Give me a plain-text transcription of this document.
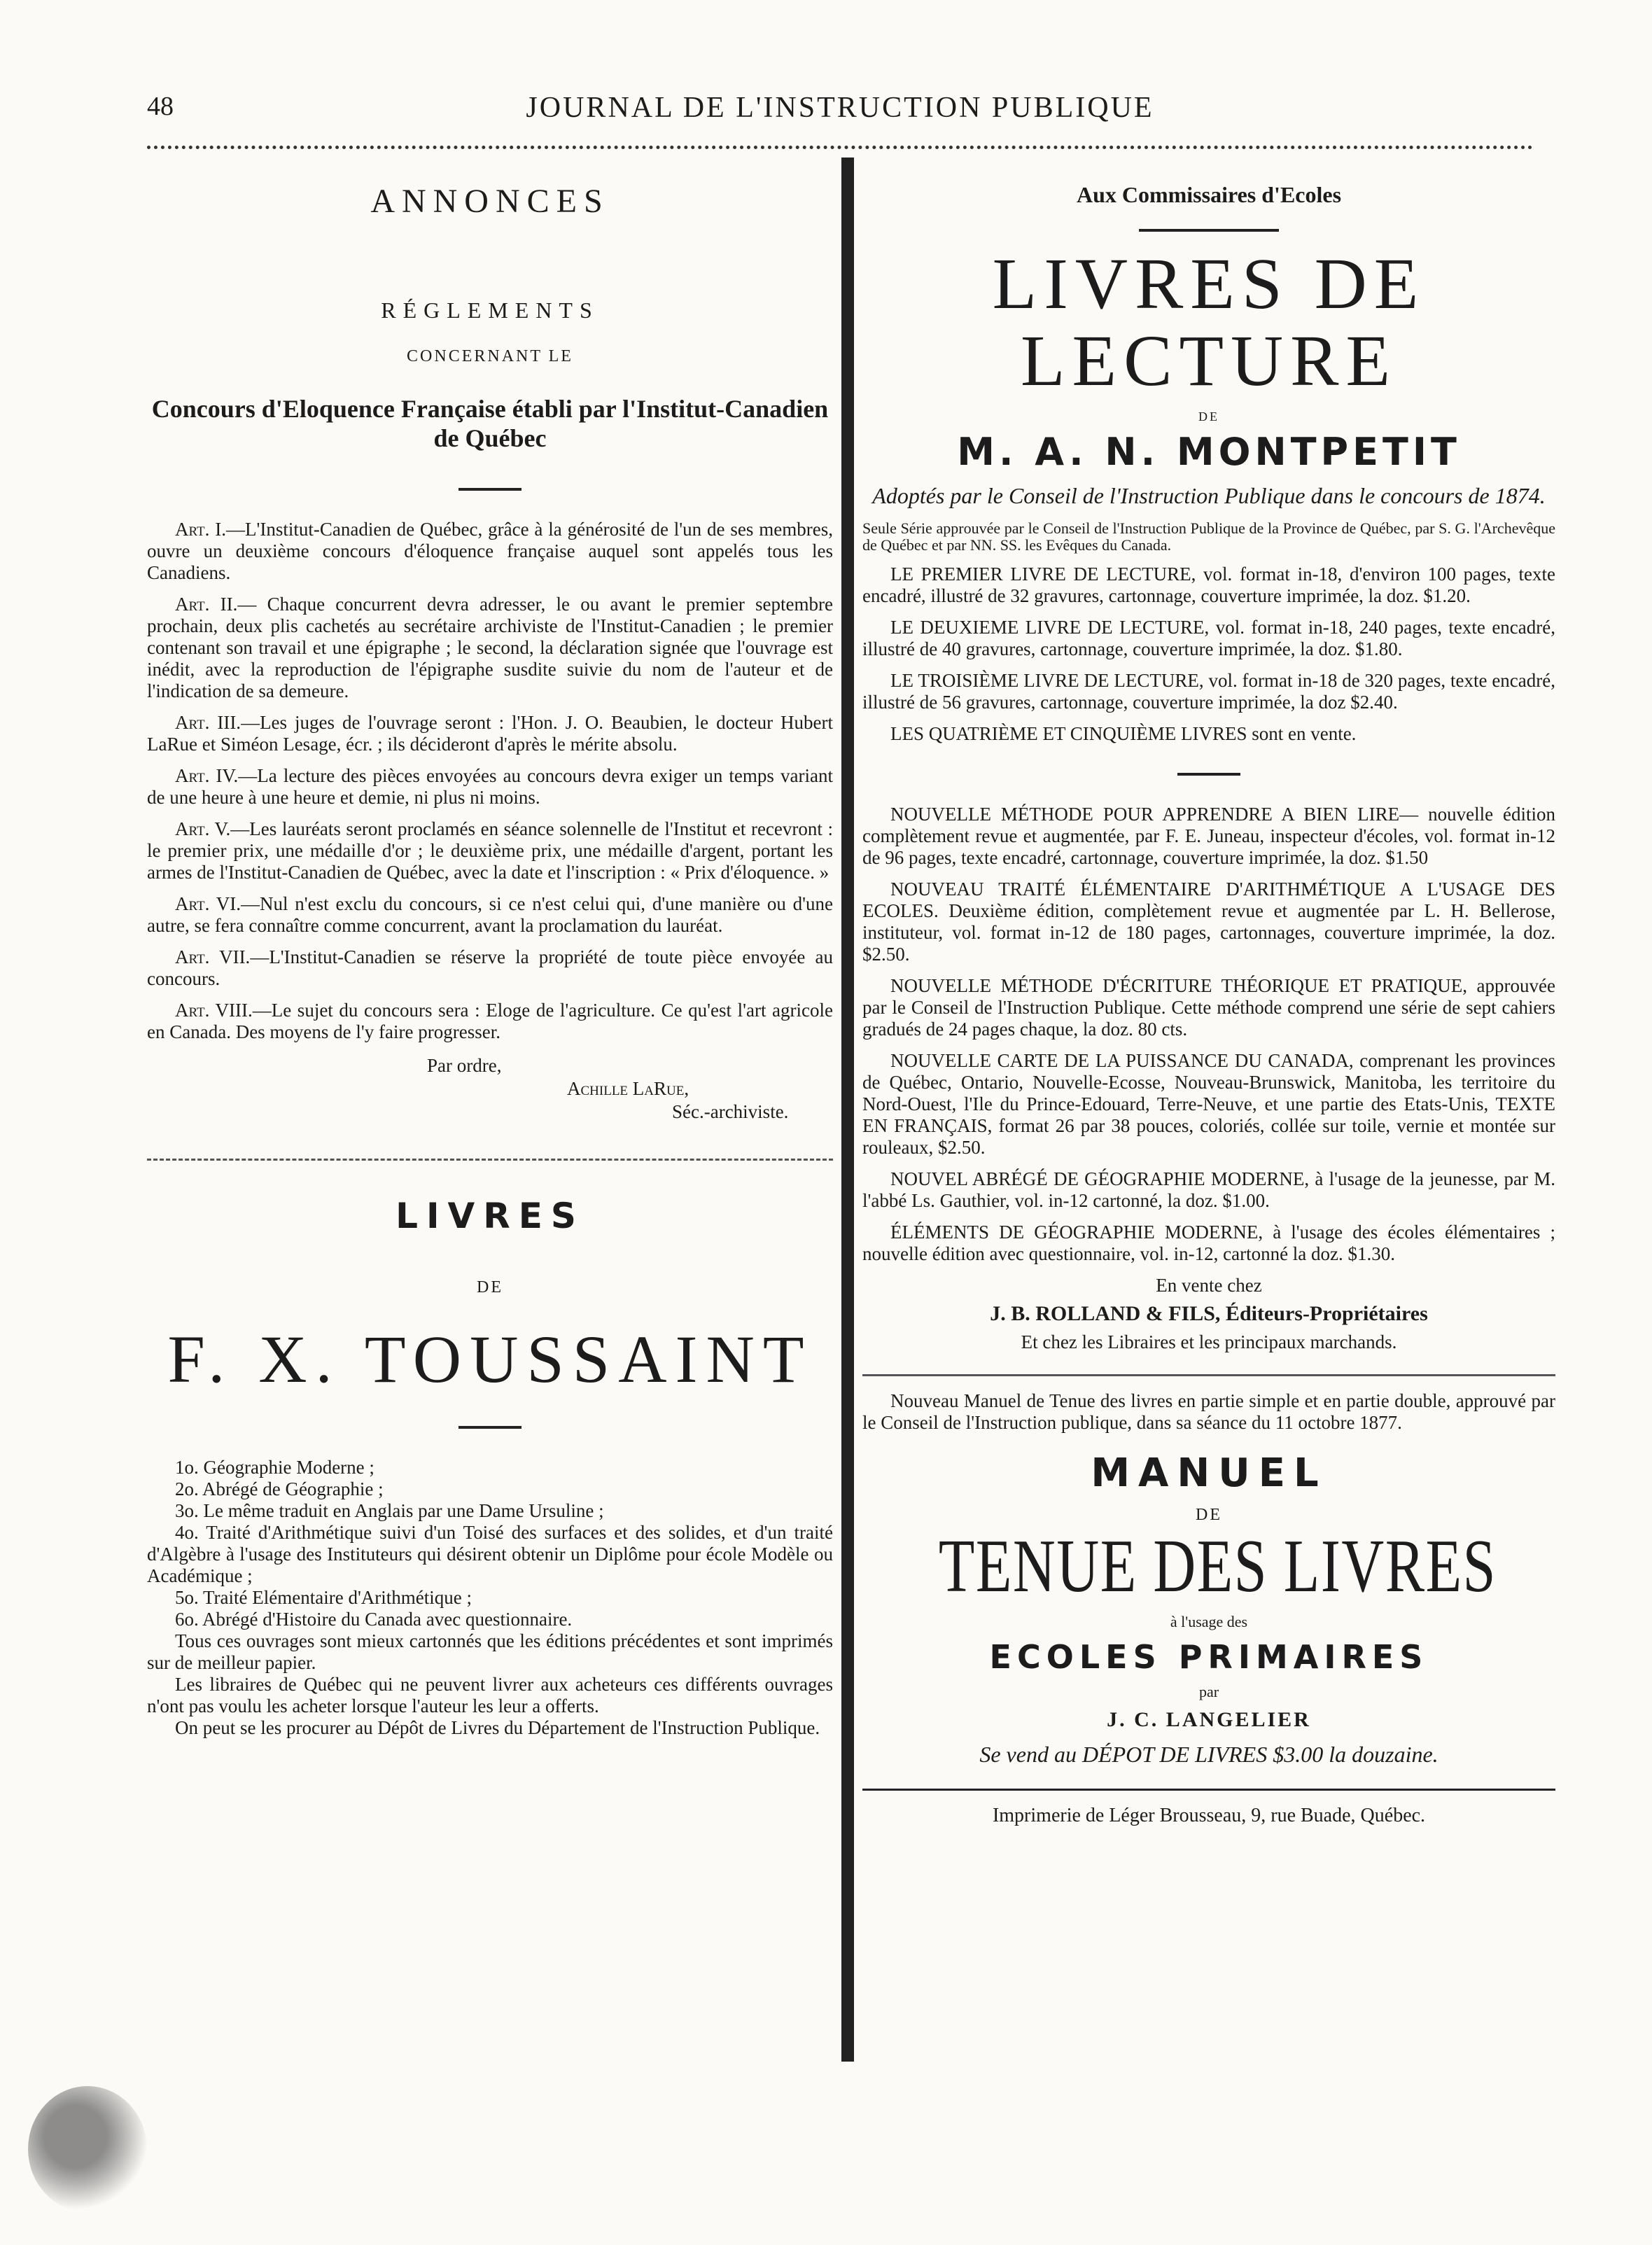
48	JOURNAL DE L'INSTRUCTION PUBLIQUE
ANNONCES
RÉGLEMENTS
CONCERNANT LE
Concours d'Eloquence Française établi par l'Institut-Canadien de Québec

Art. I.—L'Institut-Canadien de Québec, grâce à la générosité de l'un de ses membres, ouvre un deuxième concours d'éloquence française auquel sont appelés tous les Canadiens.

Art. II.— Chaque concurrent devra adresser, le ou avant le premier septembre prochain, deux plis cachetés au secrétaire archiviste de l'Institut-Canadien ; le premier contenant son travail et une épigraphe ; le second, la déclaration signée que l'ouvrage est inédit, avec la reproduction de l'épigraphe susdite suivie du nom de l'auteur et de l'indication de sa demeure.

Art. III.—Les juges de l'ouvrage seront : l'Hon. J. O. Beaubien, le docteur Hubert LaRue et Siméon Lesage, écr. ; ils décideront d'après le mérite absolu.

Art. IV.—La lecture des pièces envoyées au concours devra exiger un temps variant de une heure à une heure et demie, ni plus ni moins.

Art. V.—Les lauréats seront proclamés en séance solennelle de l'Institut et recevront : le premier prix, une médaille d'or ; le deuxième prix, une médaille d'argent, portant les armes de l'Institut-Canadien de Québec, avec la date et l'inscription : « Prix d'éloquence. »

Art. VI.—Nul n'est exclu du concours, si ce n'est celui qui, d'une manière ou d'une autre, se fera connaître comme concurrent, avant la proclamation du lauréat.

Art. VII.—L'Institut-Canadien se réserve la propriété de toute pièce envoyée au concours.

Art. VIII.—Le sujet du concours sera : Eloge de l'agriculture. Ce qu'est l'art agricole en Canada. Des moyens de l'y faire progresser.

Par ordre,
Achille LaRue,
Séc.-archiviste.
LIVRES
DE
F. X. TOUSSAINT
1o. Géographie Moderne ;
2o. Abrégé de Géographie ;
3o. Le même traduit en Anglais par une Dame Ursuline ;
4o. Traité d'Arithmétique suivi d'un Toisé des surfaces et des solides, et d'un traité d'Algèbre à l'usage des Instituteurs qui désirent obtenir un Diplôme pour école Modèle ou Académique ;
5o. Traité Elémentaire d'Arithmétique ;
6o. Abrégé d'Histoire du Canada avec questionnaire.
Tous ces ouvrages sont mieux cartonnés que les éditions précédentes et sont imprimés sur de meilleur papier.
Les libraires de Québec qui ne peuvent livrer aux acheteurs ces différents ouvrages n'ont pas voulu les acheter lorsque l'auteur les leur a offerts.
On peut se les procurer au Dépôt de Livres du Département de l'Instruction Publique.
Aux Commissaires d'Ecoles
LIVRES DE LECTURE
DE
M. A. N. MONTPETIT
Adoptés par le Conseil de l'Instruction Publique dans le concours de 1874.
Seule Série approuvée par le Conseil de l'Instruction Publique de la Province de Québec, par S. G. l'Archevêque de Québec et par NN. SS. les Evêques du Canada.
LE PREMIER LIVRE DE LECTURE, vol. format in-18, d'environ 100 pages, texte encadré, illustré de 32 gravures, cartonnage, couverture imprimée, la doz. $1.20.
LE DEUXIEME LIVRE DE LECTURE, vol. format in-18, 240 pages, texte encadré, illustré de 40 gravures, cartonnage, couverture imprimée, la doz. $1.80.
LE TROISIÈME LIVRE DE LECTURE, vol. format in-18 de 320 pages, texte encadré, illustré de 56 gravures, cartonnage, couverture imprimée, la doz $2.40.
LES QUATRIÈME ET CINQUIÈME LIVRES sont en vente.
NOUVELLE MÉTHODE POUR APPRENDRE A BIEN LIRE— nouvelle édition complètement revue et augmentée, par F. E. Juneau, inspecteur d'écoles, vol. format in-12 de 96 pages, texte encadré, cartonnage, couverture imprimée, la doz. $1.50
NOUVEAU TRAITÉ ÉLÉMENTAIRE D'ARITHMÉTIQUE A L'USAGE DES ECOLES. Deuxième édition, complètement revue et augmentée par L. H. Bellerose, instituteur, vol. format in-12 de 180 pages, cartonnages, couverture imprimée, la doz. $2.50.
NOUVELLE MÉTHODE D'ÉCRITURE THÉORIQUE ET PRATIQUE, approuvée par le Conseil de l'Instruction Publique. Cette méthode comprend une série de sept cahiers gradués de 24 pages chaque, la doz. 80 cts.
NOUVELLE CARTE DE LA PUISSANCE DU CANADA, comprenant les provinces de Québec, Ontario, Nouvelle-Ecosse, Nouveau-Brunswick, Manitoba, les territoire du Nord-Ouest, l'Ile du Prince-Edouard, Terre-Neuve, et une partie des Etats-Unis, TEXTE EN FRANÇAIS, format 26 par 38 pouces, coloriés, collée sur toile, vernie et montée sur rouleaux, $2.50.
NOUVEL ABRÉGÉ DE GÉOGRAPHIE MODERNE, à l'usage de la jeunesse, par M. l'abbé Ls. Gauthier, vol. in-12 cartonné, la doz. $1.00.
ÉLÉMENTS DE GÉOGRAPHIE MODERNE, à l'usage des écoles élémentaires ; nouvelle édition avec questionnaire, vol. in-12, cartonné la doz. $1.30.
En vente chez
J. B. ROLLAND & FILS, Éditeurs-Propriétaires
Et chez les Libraires et les principaux marchands.
Nouveau Manuel de Tenue des livres en partie simple et en partie double, approuvé par le Conseil de l'Instruction publique, dans sa séance du 11 octobre 1877.
MANUEL
DE
TENUE DES LIVRES
à l'usage des
ECOLES PRIMAIRES
par
J. C. LANGELIER
Se vend au DÉPOT DE LIVRES $3.00 la douzaine.
Imprimerie de Léger Brousseau, 9, rue Buade, Québec.
